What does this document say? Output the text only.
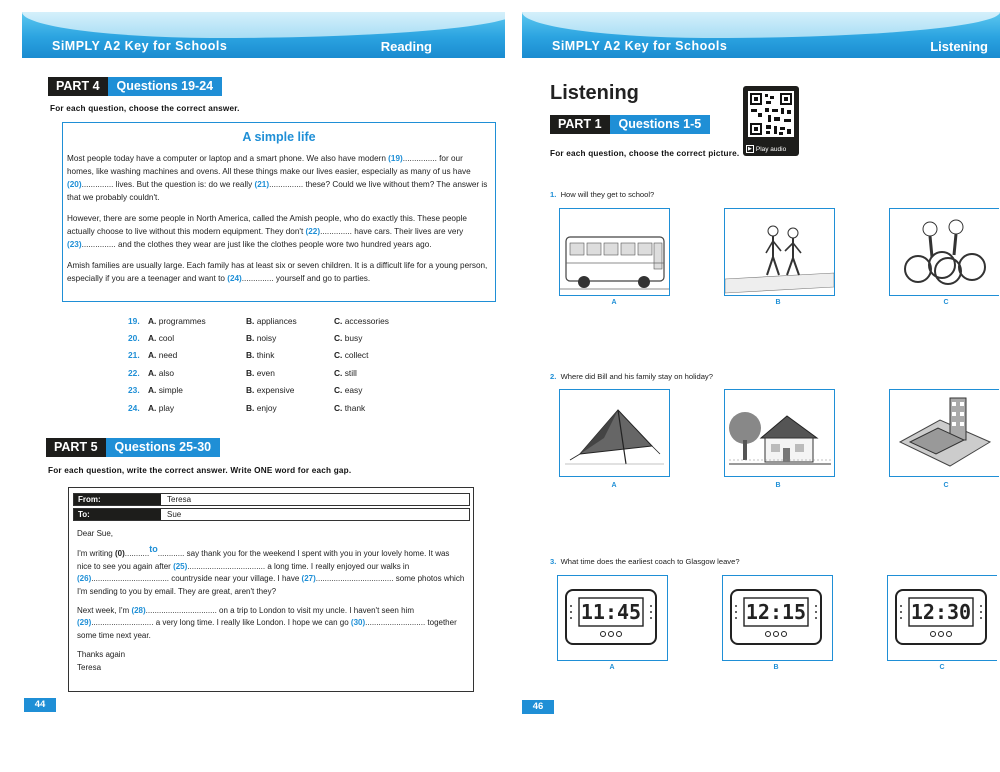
SiMPLY A2 Key for Schools	Reading
PART 4	Questions 19-24
For each question, choose the correct answer.
A simple life
Most people today have a computer or laptop and a smart phone. We also have modern (19)............... for our homes, like washing machines and ovens. All these things make our lives easier, especially as many of us have (20).............. lives. But the question is: do we really (21)............... these? Could we live without them? The answer is that we probably couldn't.
However, there are some people in North America, called the Amish people, who do exactly this. These people actually choose to live without this modern equipment. They don't (22).............. have cars. Their lives are very (23)............... and the clothes they wear are just like the clothes people wore two hundred years ago.
Amish families are usually large. Each family has at least six or seven children. It is a difficult life for a young person, especially if you are a teenager and want to (24).............. yourself and go to parties.
19. A. programmes	B. appliances	C. accessories
20. A. cool	B. noisy	C. busy
21. A. need	B. think	C. collect
22. A. also	B. even	C. still
23. A. simple	B. expensive	C. easy
24. A. play	B. enjoy	C. thank
PART 5	Questions 25-30
For each question, write the correct answer. Write ONE word for each gap.
From:	Teresa
To:	Sue

Dear Sue,

I'm writing (0)...........to............ say thank you for the weekend I spent with you in your lovely home. It was nice to see you again after (25)................................... a long time. I really enjoyed our walks in (26)................................... countryside near your village. I have (27)................................... some photos which I'm sending to you by email. They are great, aren't they?

Next week, I'm (28)................................ on a trip to London to visit my uncle. I haven't seen him (29)............................ a very long time. I really like London. I hope we can go (30)........................... together some time next year.

Thanks again

Teresa

44
SiMPLY A2 Key for Schools	Listening
Listening
PART 1	Questions 1-5
For each question, choose the correct picture.	▶ Play audio
1. How will they get to school?
A	B	C
2. Where did Bill and his family stay on holiday?
A	B	C
3. What time does the earliest coach to Glasgow leave?
11:45	12:15	12:30
A	B	C
46
